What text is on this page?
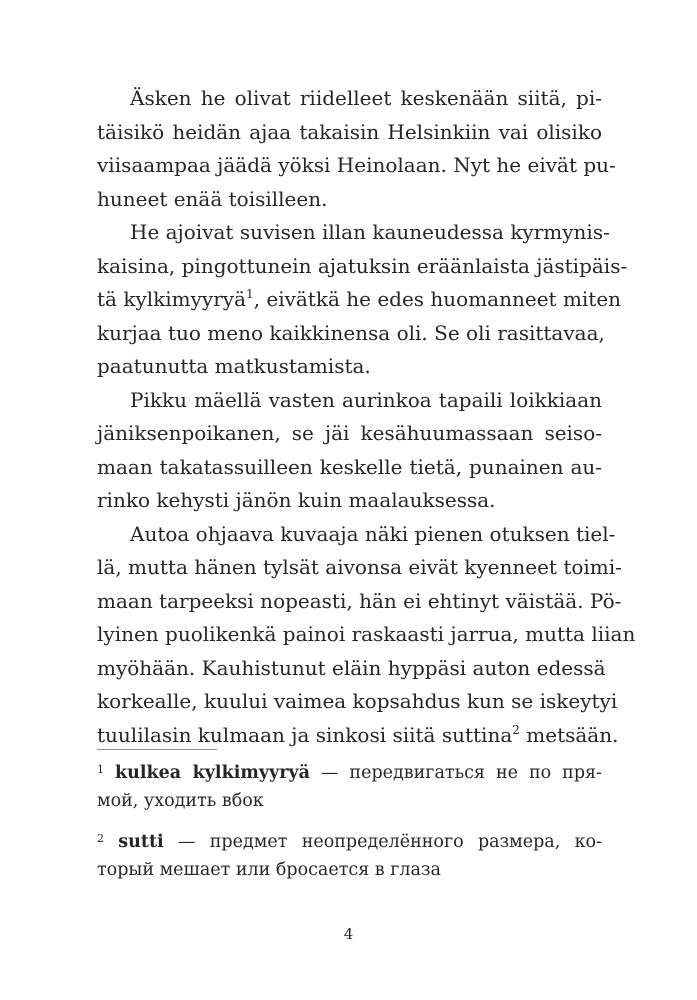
Äsken he olivat riidelleet keskenään siitä, pi-
täisikö heidän ajaa takaisin Helsinkiin vai olisiko
viisaampaa jäädä yöksi Heinolaan. Nyt he eivät pu-
huneet enää toisilleen.
He ajoivat suvisen illan kauneudessa kyrmynis-
kaisina, pingottunein ajatuksin eräänlaista jästipäis-
tä kylkimyyryä$^1$, eivätkä he edes huomanneet miten
kurjaa tuo meno kaikkinensa oli. Se oli rasittavaa,
paatunutta matkustamista.
Pikku mäellä vasten aurinkoa tapaili loikkiaan
jäniksenpoikanen, se jäi kesähuumassaan seiso-
maan takatassuilleen keskelle tietä, punainen au-
rinko kehysti jänön kuin maalauksessa.
Autoa ohjaava kuvaaja näki pienen otuksen tiel-
lä, mutta hänen tylsät aivonsa eivät kyenneet toimi-
maan tarpeeksi nopeasti, hän ei ehtinyt väistää. Pö-
lyinen puolikenkä painoi raskaasti jarrua, mutta liian
myöhään. Kauhistunut eläin hyppäsi auton edessä
korkealle, kuului vaimea kopsahdus kun se iskeytyi
tuulilasin kulmaan ja sinkosi siitä suttina$^2$ metsään.
$^1$ kulkea kylkimyyryä — передвигаться не по пря-
мой, уходить вбок
$^2$ sutti — предмет неопределённого размера, ко-
торый мешает или бросается в глаза
4
